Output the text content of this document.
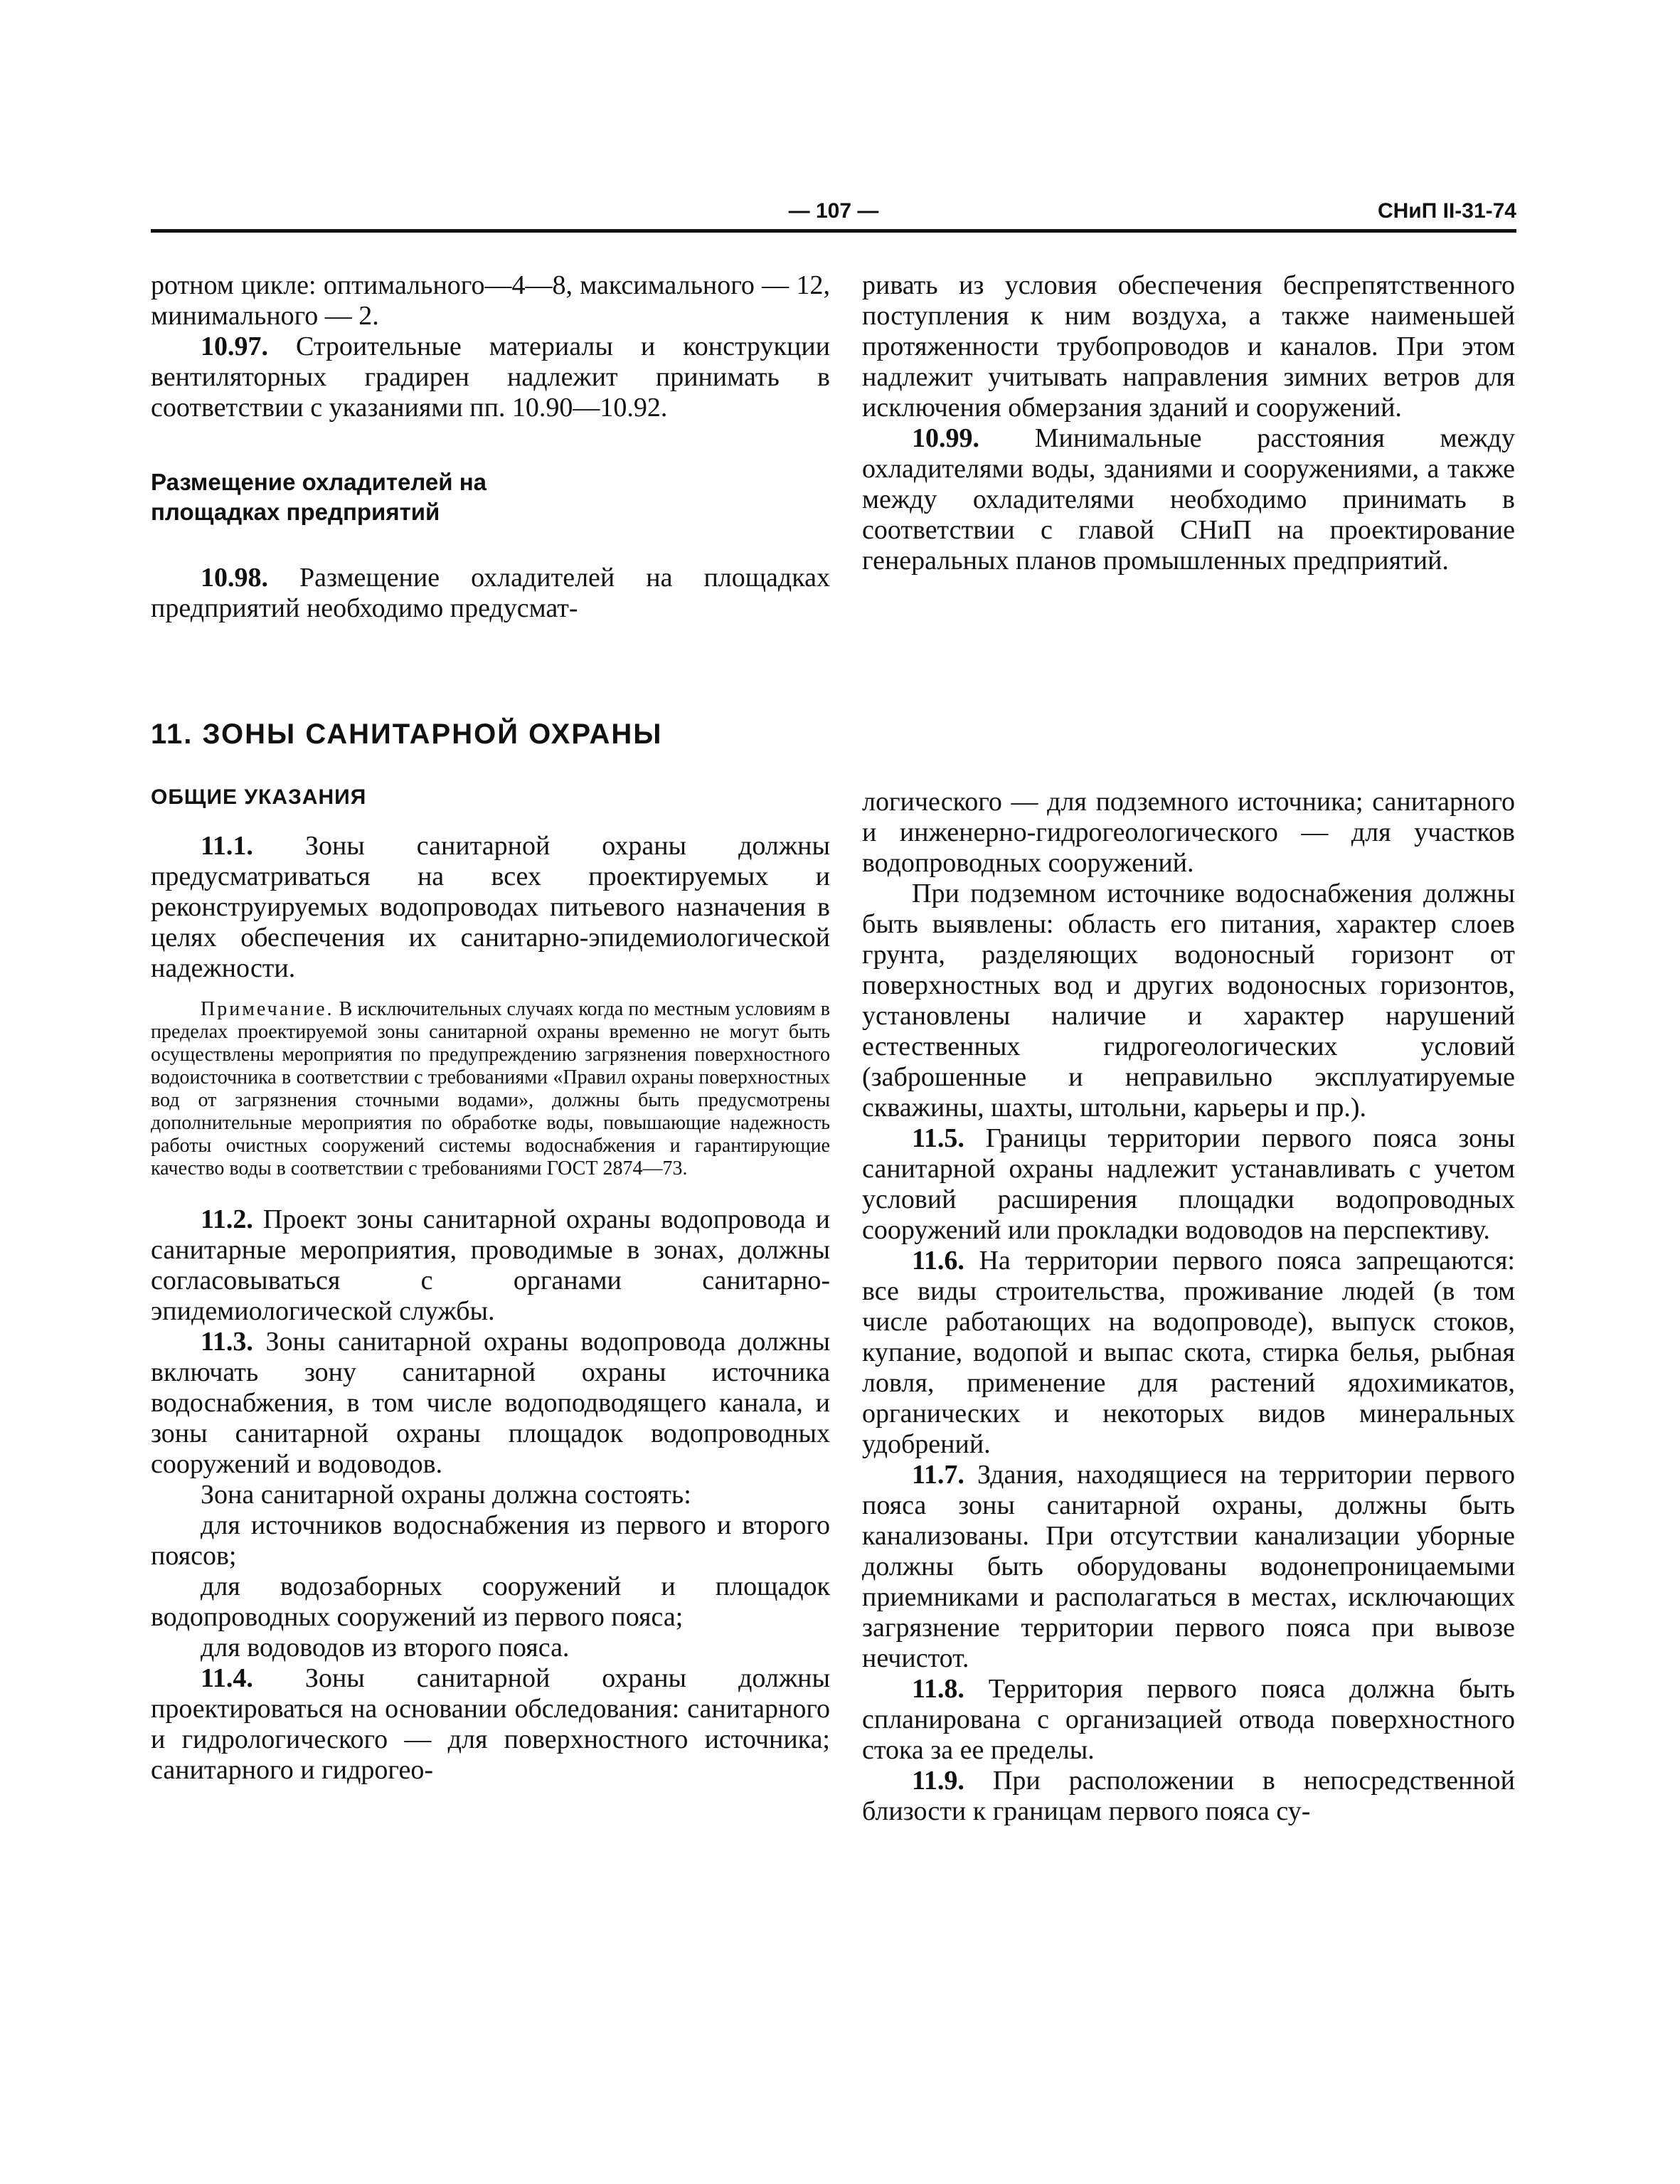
— 107 —	СНиП II-31-74

ротном цикле: оптимального—4—8, максимального — 12, минимального — 2.

10.97. Строительные материалы и конструкции вентиляторных градирен надлежит принимать в соответствии с указаниями пп. 10.90—10.92.

Размещение охладителей на площадках предприятий

10.98. Размещение охладителей на площадках предприятий необходимо предусмат-

ривать из условия обеспечения беспрепятственного поступления к ним воздуха, а также наименьшей протяженности трубопроводов и каналов. При этом надлежит учитывать направления зимних ветров для исключения обмерзания зданий и сооружений.

10.99. Минимальные расстояния между охладителями воды, зданиями и сооружениями, а также между охладителями необходимо принимать в соответствии с главой СНиП на проектирование генеральных планов промышленных предприятий.

11. ЗОНЫ САНИТАРНОЙ ОХРАНЫ
ОБЩИЕ УКАЗАНИЯ

11.1. Зоны санитарной охраны должны предусматриваться на всех проектируемых и реконструируемых водопроводах питьевого назначения в целях обеспечения их санитарно-эпидемиологической надежности.

Примечание. В исключительных случаях когда по местным условиям в пределах проектируемой зоны санитарной охраны временно не могут быть осуществлены мероприятия по предупреждению загрязнения поверхностного водоисточника в соответствии с требованиями «Правил охраны поверхностных вод от загрязнения сточными водами», должны быть предусмотрены дополнительные мероприятия по обработке воды, повышающие надежность работы очистных сооружений системы водоснабжения и гарантирующие качество воды в соответствии с требованиями ГОСТ 2874—73.

11.2. Проект зоны санитарной охраны водопровода и санитарные мероприятия, проводимые в зонах, должны согласовываться с органами санитарно-эпидемиологической службы.

11.3. Зоны санитарной охраны водопровода должны включать зону санитарной охраны источника водоснабжения, в том числе водоподводящего канала, и зоны санитарной охраны площадок водопроводных сооружений и водоводов.

Зона санитарной охраны должна состоять:

для источников водоснабжения из первого и второго поясов;

для водозаборных сооружений и площадок водопроводных сооружений из первого пояса;

для водоводов из второго пояса.

11.4. Зоны санитарной охраны должны проектироваться на основании обследования: санитарного и гидрологического — для поверхностного источника; санитарного и гидрогео-

логического — для подземного источника; санитарного и инженерно-гидрогеологического — для участков водопроводных сооружений.

При подземном источнике водоснабжения должны быть выявлены: область его питания, характер слоев грунта, разделяющих водоносный горизонт от поверхностных вод и других водоносных горизонтов, установлены наличие и характер нарушений естественных гидрогеологических условий (заброшенные и неправильно эксплуатируемые скважины, шахты, штольни, карьеры и пр.).

11.5. Границы территории первого пояса зоны санитарной охраны надлежит устанавливать с учетом условий расширения площадки водопроводных сооружений или прокладки водоводов на перспективу.

11.6. На территории первого пояса запрещаются: все виды строительства, проживание людей (в том числе работающих на водопроводе), выпуск стоков, купание, водопой и выпас скота, стирка белья, рыбная ловля, применение для растений ядохимикатов, органических и некоторых видов минеральных удобрений.

11.7. Здания, находящиеся на территории первого пояса зоны санитарной охраны, должны быть канализованы. При отсутствии канализации уборные должны быть оборудованы водонепроницаемыми приемниками и располагаться в местах, исключающих загрязнение территории первого пояса при вывозе нечистот.

11.8. Территория первого пояса должна быть спланирована с организацией отвода поверхностного стока за ее пределы.

11.9. При расположении в непосредственной близости к границам первого пояса су-
